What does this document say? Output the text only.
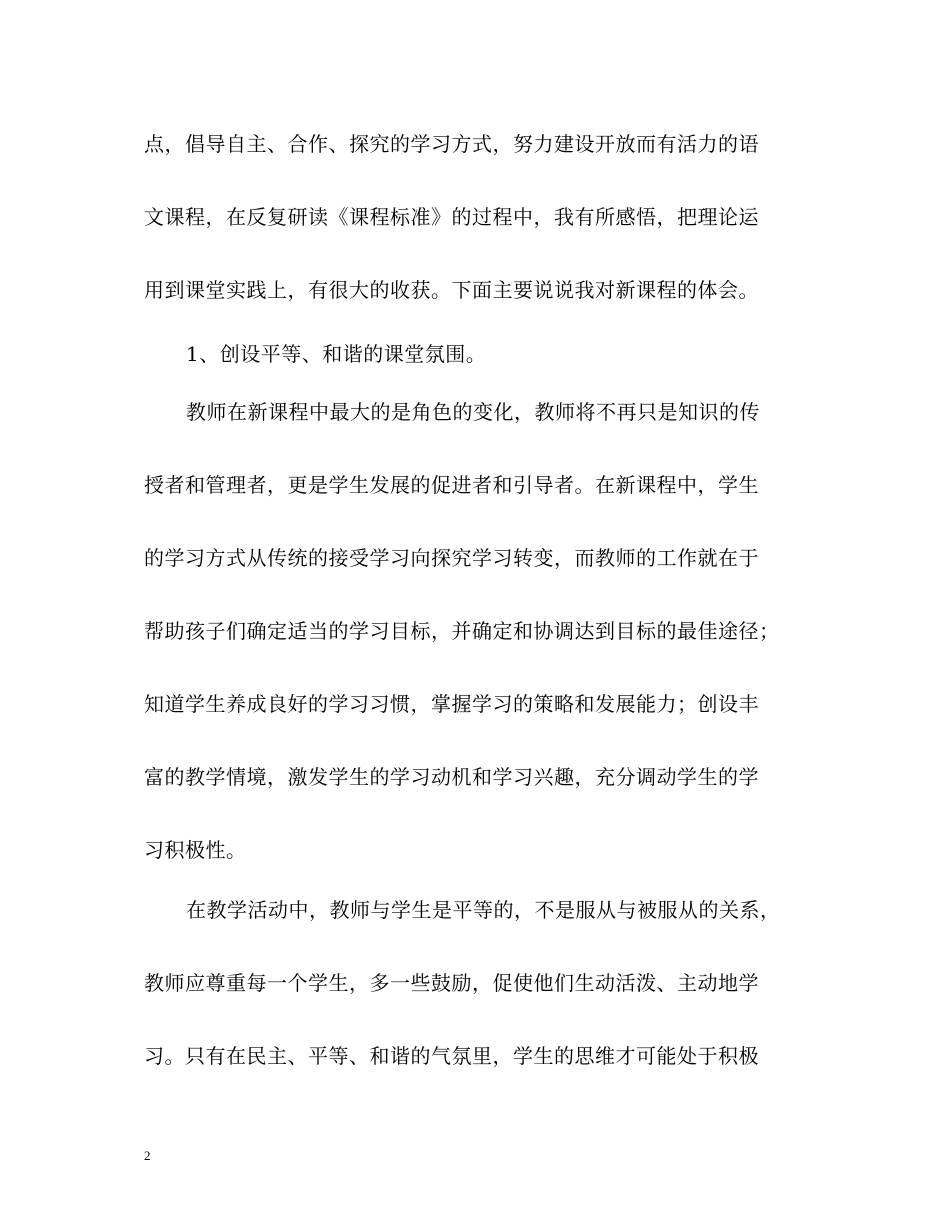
点，倡导自主、合作、探究的学习方式，努力建设开放而有活力的语
文课程，在反复研读《课程标准》的过程中，我有所感悟，把理论运
用到课堂实践上，有很大的收获。下面主要说说我对新课程的体会。
1、创设平等、和谐的课堂氛围。
教师在新课程中最大的是角色的变化，教师将不再只是知识的传
授者和管理者，更是学生发展的促进者和引导者。在新课程中，学生
的学习方式从传统的接受学习向探究学习转变，而教师的工作就在于
帮助孩子们确定适当的学习目标，并确定和协调达到目标的最佳途径；
知道学生养成良好的学习习惯，掌握学习的策略和发展能力；创设丰
富的教学情境，激发学生的学习动机和学习兴趣，充分调动学生的学
习积极性。
在教学活动中，教师与学生是平等的，不是服从与被服从的关系，
教师应尊重每一个学生，多一些鼓励，促使他们生动活泼、主动地学
习。只有在民主、平等、和谐的气氛里，学生的思维才可能处于积极
2
